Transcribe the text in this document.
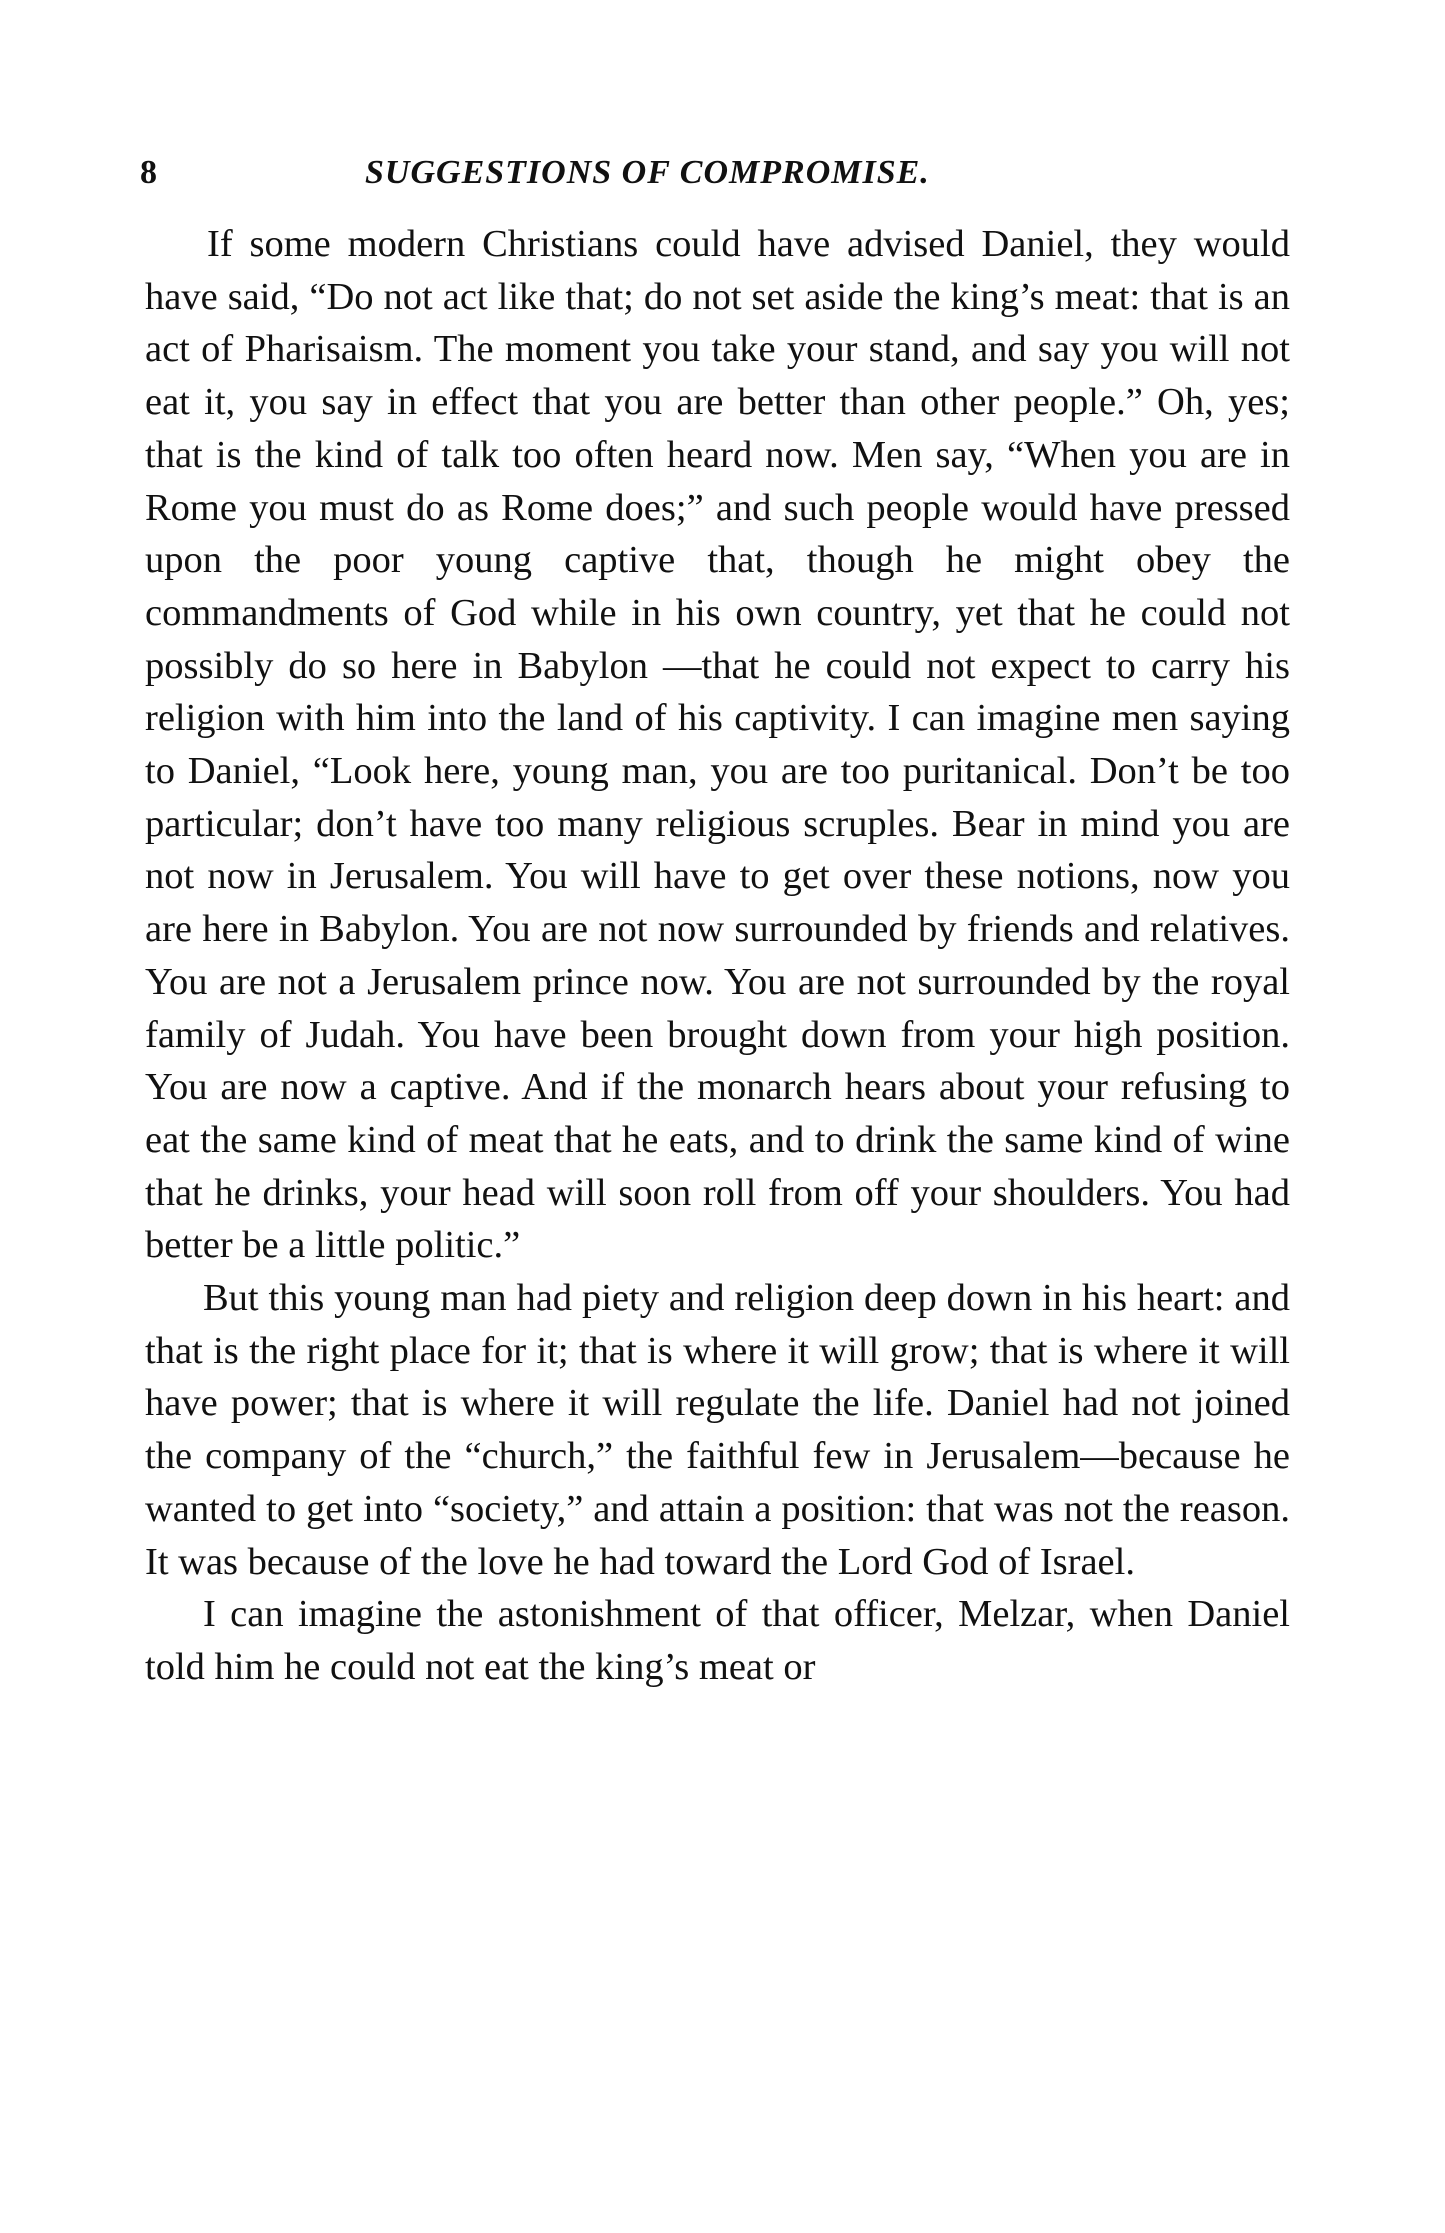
8	SUGGESTIONS OF COMPROMISE.

If some modern Christians could have advised Daniel, they would have said, “Do not act like that; do not set aside the king’s meat: that is an act of Pharisaism. The moment you take your stand, and say you will not eat it, you say in effect that you are better than other people.” Oh, yes; that is the kind of talk too often heard now. Men say, “When you are in Rome you must do as Rome does;” and such people would have pressed upon the poor young captive that, though he might obey the commandments of God while in his own country, yet that he could not possibly do so here in Babylon —that he could not expect to carry his religion with him into the land of his captivity. I can imagine men saying to Daniel, “Look here, young man, you are too puritanical. Don’t be too particular; don’t have too many religious scruples. Bear in mind you are not now in Jerusalem. You will have to get over these notions, now you are here in Babylon. You are not now surrounded by friends and relatives. You are not a Jerusalem prince now. You are not surrounded by the royal family of Judah. You have been brought down from your high position. You are now a captive. And if the monarch hears about your refusing to eat the same kind of meat that he eats, and to drink the same kind of wine that he drinks, your head will soon roll from off your shoulders. You had better be a little politic.”

But this young man had piety and religion deep down in his heart: and that is the right place for it; that is where it will grow; that is where it will have power; that is where it will regulate the life. Daniel had not joined the company of the “church,” the faithful few in Jerusalem—because he wanted to get into “society,” and attain a position: that was not the reason. It was because of the love he had toward the Lord God of Israel.

I can imagine the astonishment of that officer, Melzar, when Daniel told him he could not eat the king’s meat or
